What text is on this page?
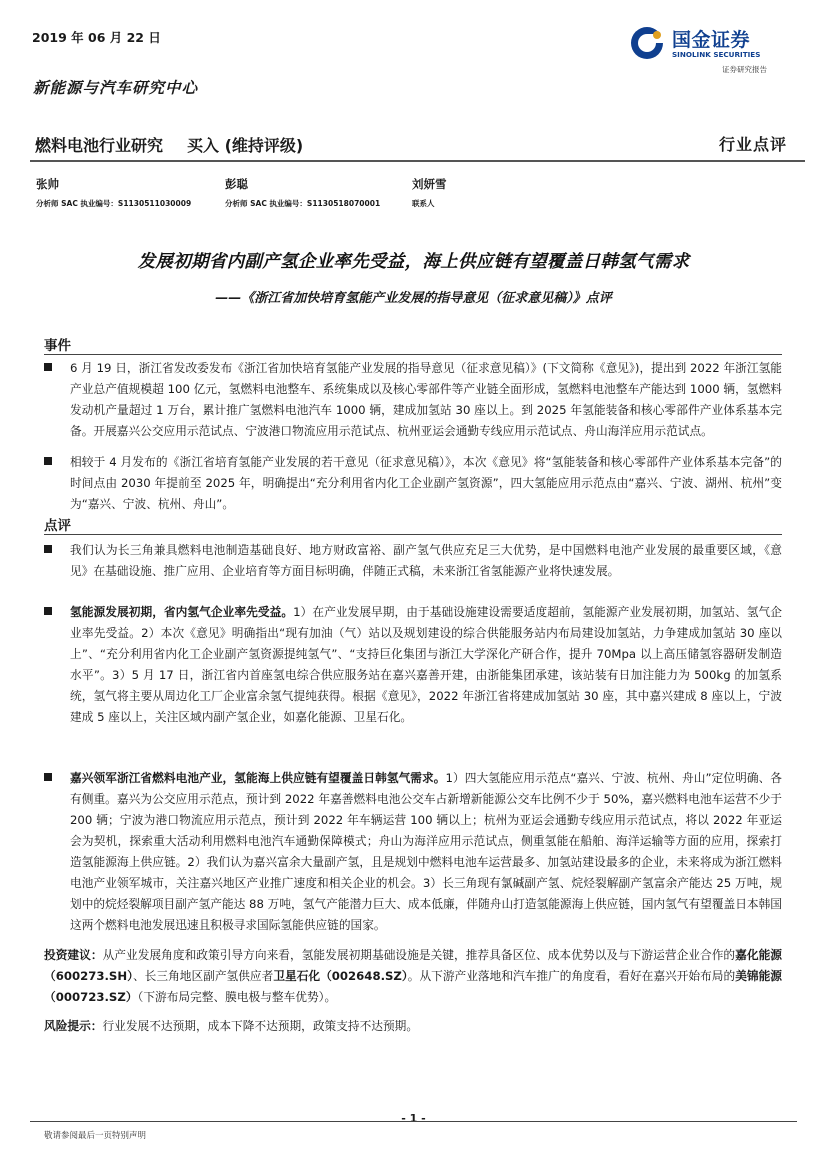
2019 年 06 月 22 日	国金证券
SINOLINK SECURITIES
证券研究报告
新能源与汽车研究中心
燃料电池行业研究 买入 (维持评级)	行业点评
张帅
分析师 SAC 执业编号：S1130511030009
彭聪
分析师 SAC 执业编号：S1130518070001
刘妍雪
联系人
发展初期省内副产氢企业率先受益，海上供应链有望覆盖日韩氢气需求
——《浙江省加快培育氢能产业发展的指导意见（征求意见稿）》点评
事件
6 月 19 日，浙江省发改委发布《浙江省加快培育氢能产业发展的指导意见（征求意见稿）》(下文简称《意见》)，提出到 2022 年浙江氢能产业总产值规模超 100 亿元，氢燃料电池整车、系统集成以及核心零部件等产业链全面形成，氢燃料电池整车产能达到 1000 辆，氢燃料发动机产量超过 1 万台，累计推广氢燃料电池汽车 1000 辆，建成加氢站 30 座以上。到 2025 年氢能装备和核心零部件产业体系基本完备。开展嘉兴公交应用示范试点、宁波港口物流应用示范试点、杭州亚运会通勤专线应用示范试点、舟山海洋应用示范试点。
相较于 4 月发布的《浙江省培育氢能产业发展的若干意见（征求意见稿）》，本次《意见》将“氢能装备和核心零部件产业体系基本完备”的时间点由 2030 年提前至 2025 年，明确提出“充分利用省内化工企业副产氢资源”，四大氢能应用示范点由“嘉兴、宁波、湖州、杭州”变为“嘉兴、宁波、杭州、舟山”。
点评
我们认为长三角兼具燃料电池制造基础良好、地方财政富裕、副产氢气供应充足三大优势，是中国燃料电池产业发展的最重要区域，《意见》在基础设施、推广应用、企业培育等方面目标明确，伴随正式稿，未来浙江省氢能源产业将快速发展。
氢能源发展初期，省内氢气企业率先受益。1）在产业发展早期，由于基础设施建设需要适度超前，氢能源产业发展初期，加氢站、氢气企业率先受益。2）本次《意见》明确指出“现有加油（气）站以及规划建设的综合供能服务站内布局建设加氢站，力争建成加氢站 30 座以上”、“充分利用省内化工企业副产氢资源提纯氢气”、“支持巨化集团与浙江大学深化产研合作，提升 70Mpa 以上高压储氢容器研发制造水平”。3）5 月 17 日，浙江省内首座氢电综合供应服务站在嘉兴嘉善开建，由浙能集团承建，该站装有日加注能力为 500kg 的加氢系统，氢气将主要从周边化工厂企业富余氢气提纯获得。根据《意见》，2022 年浙江省将建成加氢站 30 座，其中嘉兴建成 8 座以上，宁波建成 5 座以上，关注区域内副产氢企业，如嘉化能源、卫星石化。
嘉兴领军浙江省燃料电池产业，氢能海上供应链有望覆盖日韩氢气需求。1）四大氢能应用示范点“嘉兴、宁波、杭州、舟山”定位明确、各有侧重。嘉兴为公交应用示范点，预计到 2022 年嘉善燃料电池公交车占新增新能源公交车比例不少于 50%，嘉兴燃料电池车运营不少于 200 辆；宁波为港口物流应用示范点，预计到 2022 年车辆运营 100 辆以上；杭州为亚运会通勤专线应用示范试点，将以 2022 年亚运会为契机，探索重大活动利用燃料电池汽车通勤保障模式；舟山为海洋应用示范试点，侧重氢能在船舶、海洋运输等方面的应用，探索打造氢能源海上供应链。2）我们认为嘉兴富余大量副产氢，且是规划中燃料电池车运营最多、加氢站建设最多的企业，未来将成为浙江燃料电池产业领军城市，关注嘉兴地区产业推广速度和相关企业的机会。3）长三角现有氯碱副产氢、烷烃裂解副产氢富余产能达 25 万吨，规划中的烷烃裂解项目副产氢产能达 88 万吨，氢气产能潜力巨大、成本低廉，伴随舟山打造氢能源海上供应链，国内氢气有望覆盖日本韩国这两个燃料电池发展迅速且积极寻求国际氢能供应链的国家。
投资建议：从产业发展角度和政策引导方向来看，氢能发展初期基础设施是关键，推荐具备区位、成本优势以及与下游运营企业合作的嘉化能源（600273.SH）、长三角地区副产氢供应者卫星石化（002648.SZ）。从下游产业落地和汽车推广的角度看，看好在嘉兴开始布局的美锦能源（000723.SZ）（下游布局完整、膜电极与整车优势）。
风险提示：行业发展不达预期，成本下降不达预期，政策支持不达预期。
- 1 -
敬请参阅最后一页特别声明
